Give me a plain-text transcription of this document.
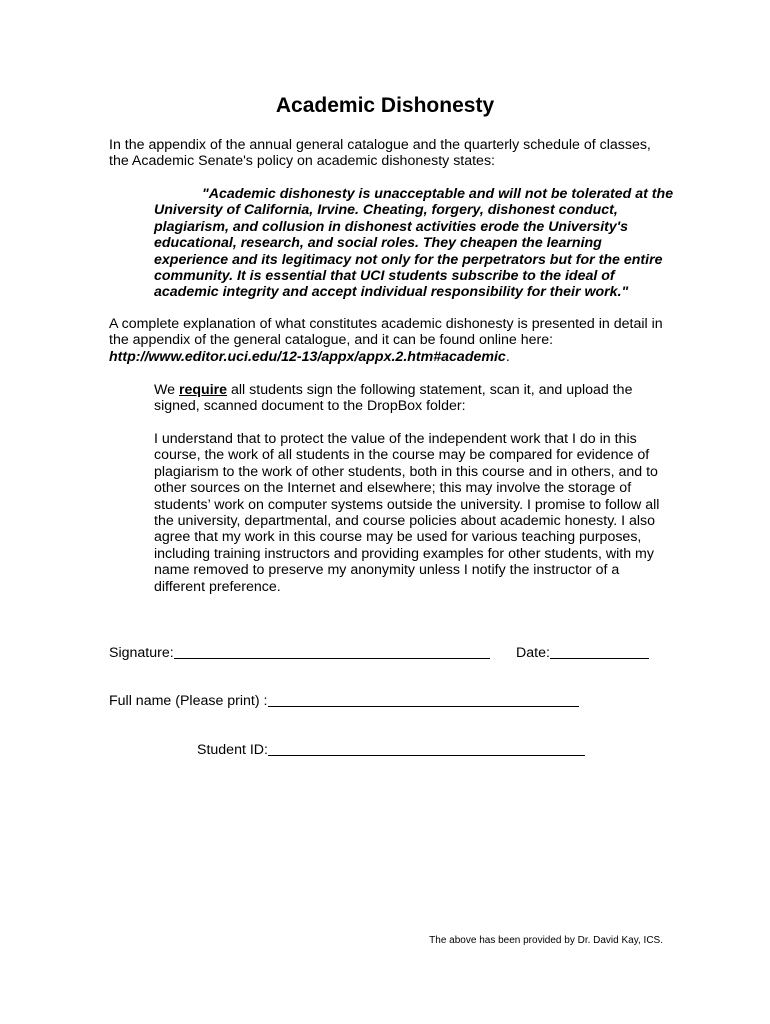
Academic Dishonesty

In the appendix of the annual general catalogue and the quarterly schedule of classes, the Academic Senate's policy on academic dishonesty states:

"Academic dishonesty is unacceptable and will not be tolerated at the University of California, Irvine. Cheating, forgery, dishonest conduct, plagiarism, and collusion in dishonest activities erode the University's educational, research, and social roles. They cheapen the learning experience and its legitimacy not only for the perpetrators but for the entire community. It is essential that UCI students subscribe to the ideal of academic integrity and accept individual responsibility for their work."

A complete explanation of what constitutes academic dishonesty is presented in detail in the appendix of the general catalogue, and it can be found online here: http://www.editor.uci.edu/12-13/appx/appx.2.htm#academic.

We require all students sign the following statement, scan it, and upload the signed, scanned document to the DropBox folder:

I understand that to protect the value of the independent work that I do in this course, the work of all students in the course may be compared for evidence of plagiarism to the work of other students, both in this course and in others, and to other sources on the Internet and elsewhere; this may involve the storage of students’ work on computer systems outside the university. I promise to follow all the university, departmental, and course policies about academic honesty. I also agree that my work in this course may be used for various teaching purposes, including training instructors and providing examples for other students, with my name removed to preserve my anonymity unless I notify the instructor of a different preference.

Signature:	Date:
Full name (Please print) :
Student ID:

The above has been provided by Dr. David Kay, ICS.
